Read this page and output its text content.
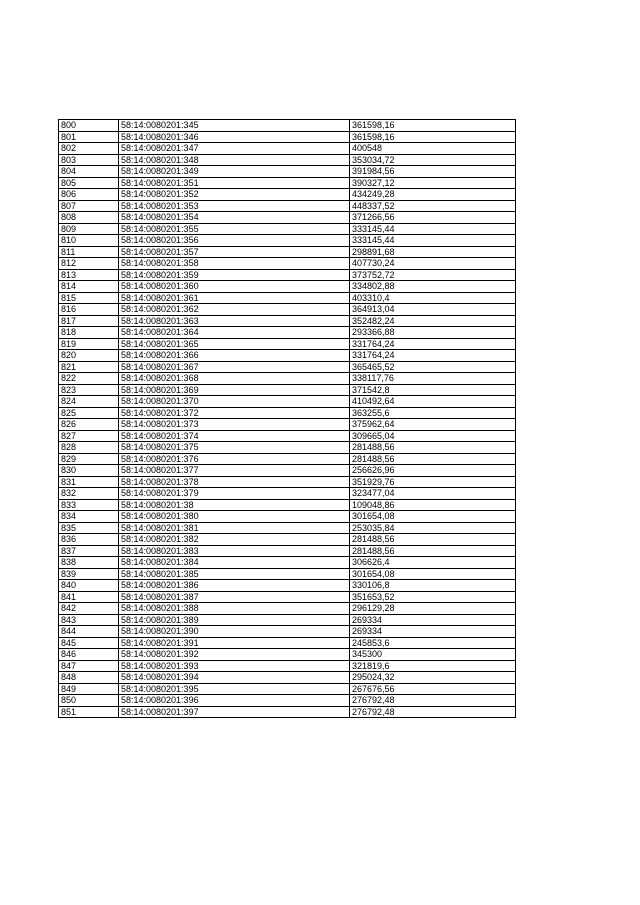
800	58:14:0080201:345	361598,16
801	58:14:0080201:346	361598,16
802	58:14:0080201:347	400548
803	58:14:0080201:348	353034,72
804	58:14:0080201:349	391984,56
805	58:14:0080201:351	390327,12
806	58:14:0080201:352	434249,28
807	58:14:0080201:353	448337,52
808	58:14:0080201:354	371266,56
809	58:14:0080201:355	333145,44
810	58:14:0080201:356	333145,44
811	58:14:0080201:357	298891,68
812	58:14:0080201:358	407730,24
813	58:14:0080201:359	373752,72
814	58:14:0080201:360	334802,88
815	58:14:0080201:361	403310,4
816	58:14:0080201:362	364913,04
817	58:14:0080201:363	352482,24
818	58:14:0080201:364	293366,88
819	58:14:0080201:365	331764,24
820	58:14:0080201:366	331764,24
821	58:14:0080201:367	365465,52
822	58:14:0080201:368	338117,76
823	58:14:0080201:369	371542,8
824	58:14:0080201:370	410492,64
825	58:14:0080201:372	363255,6
826	58:14:0080201:373	375962,64
827	58:14:0080201:374	309665,04
828	58:14:0080201:375	281488,56
829	58:14:0080201:376	281488,56
830	58:14:0080201:377	256626,96
831	58:14:0080201:378	351929,76
832	58:14:0080201:379	323477,04
833	58:14:0080201:38	109048,86
834	58:14:0080201:380	301654,08
835	58:14:0080201:381	253035,84
836	58:14:0080201:382	281488,56
837	58:14:0080201:383	281488,56
838	58:14:0080201:384	306626,4
839	58:14:0080201:385	301654,08
840	58:14:0080201:386	330106,8
841	58:14:0080201:387	351653,52
842	58:14:0080201:388	296129,28
843	58:14:0080201:389	269334
844	58:14:0080201:390	269334
845	58:14:0080201:391	245853,6
846	58:14:0080201:392	345300
847	58:14:0080201:393	321819,6
848	58:14:0080201:394	295024,32
849	58:14:0080201:395	267676,56
850	58:14:0080201:396	276792,48
851	58:14:0080201:397	276792,48
